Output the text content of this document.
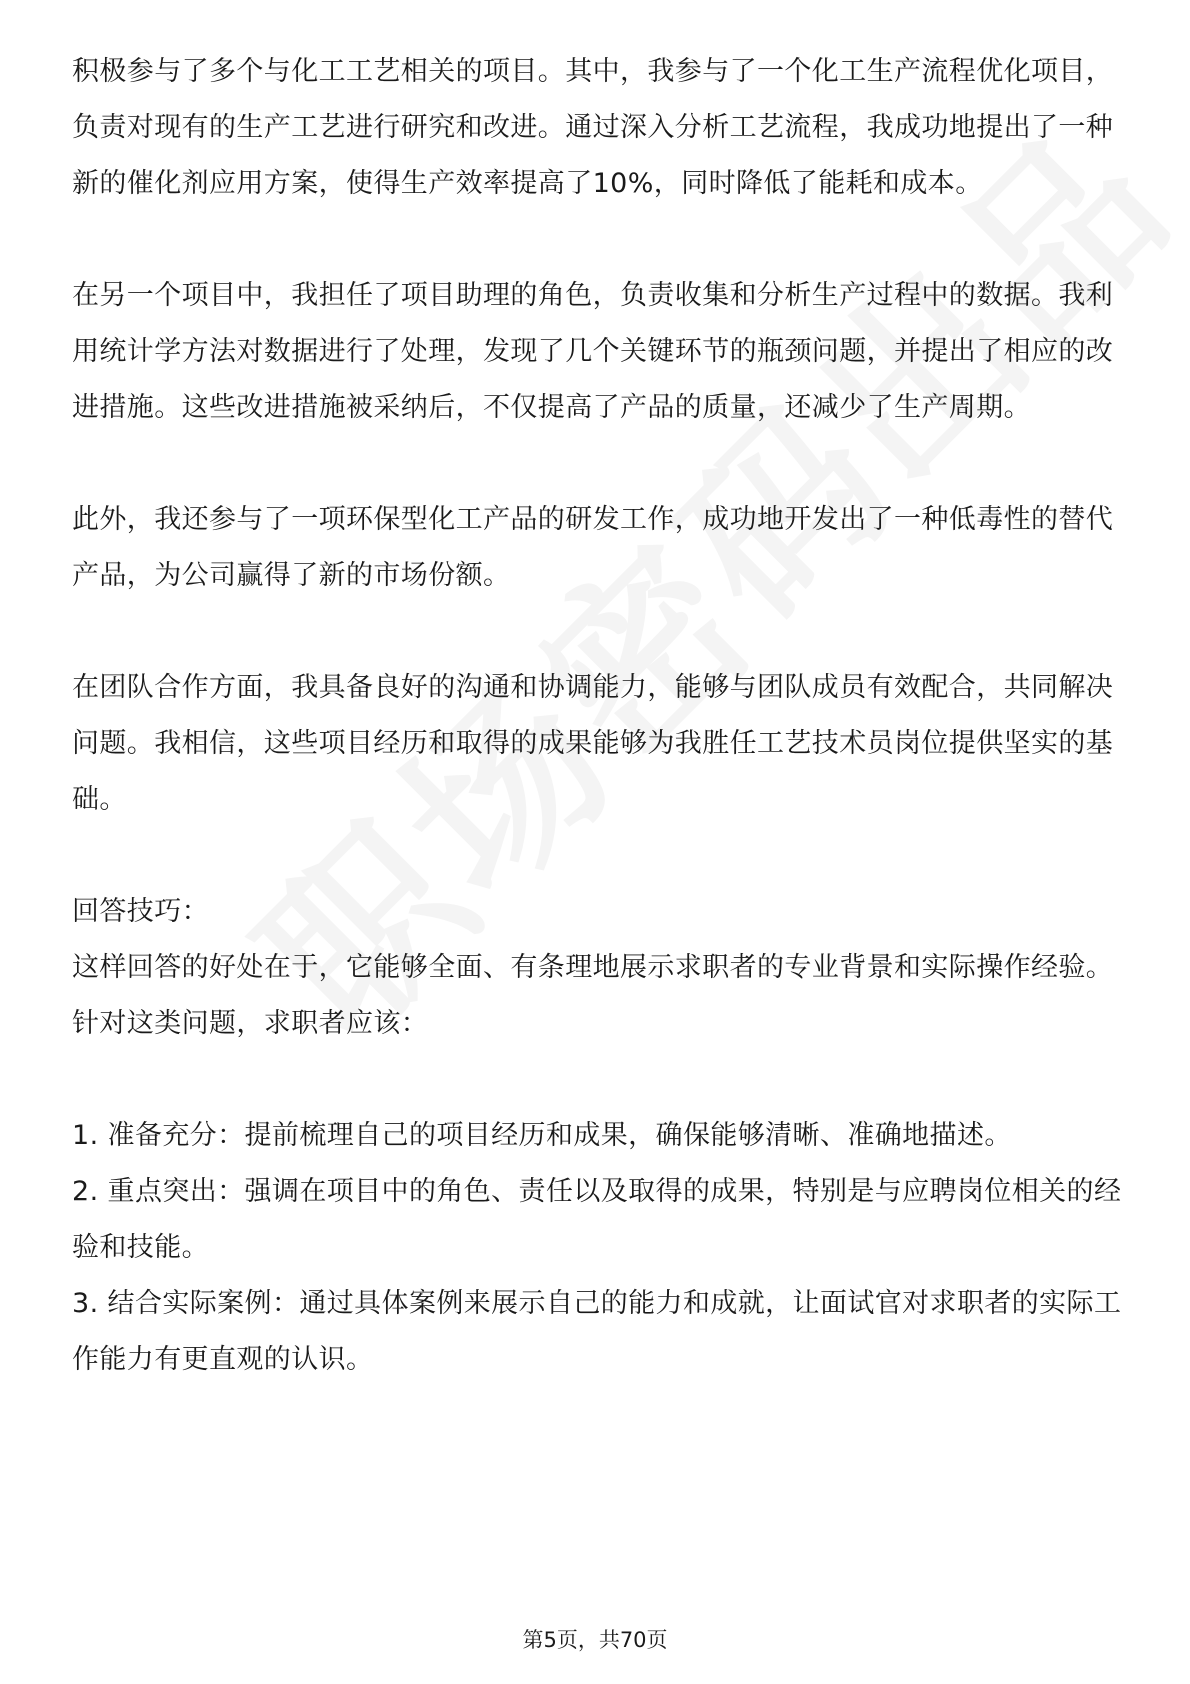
积极参与了多个与化工工艺相关的项目。其中，我参与了一个化工生产流程优化项目，负责对现有的生产工艺进行研究和改进。通过深入分析工艺流程，我成功地提出了一种新的催化剂应用方案，使得生产效率提高了10%，同时降低了能耗和成本。

在另一个项目中，我担任了项目助理的角色，负责收集和分析生产过程中的数据。我利用统计学方法对数据进行了处理，发现了几个关键环节的瓶颈问题，并提出了相应的改进措施。这些改进措施被采纳后，不仅提高了产品的质量，还减少了生产周期。

此外，我还参与了一项环保型化工产品的研发工作，成功地开发出了一种低毒性的替代产品，为公司赢得了新的市场份额。

在团队合作方面，我具备良好的沟通和协调能力，能够与团队成员有效配合，共同解决问题。我相信，这些项目经历和取得的成果能够为我胜任工艺技术员岗位提供坚实的基础。

回答技巧：

这样回答的好处在于，它能够全面、有条理地展示求职者的专业背景和实际操作经验。针对这类问题，求职者应该：

1. 准备充分：提前梳理自己的项目经历和成果，确保能够清晰、准确地描述。

2. 重点突出：强调在项目中的角色、责任以及取得的成果，特别是与应聘岗位相关的经验和技能。

3. 结合实际案例：通过具体案例来展示自己的能力和成就，让面试官对求职者的实际工作能力有更直观的认识。

第5页，共70页
